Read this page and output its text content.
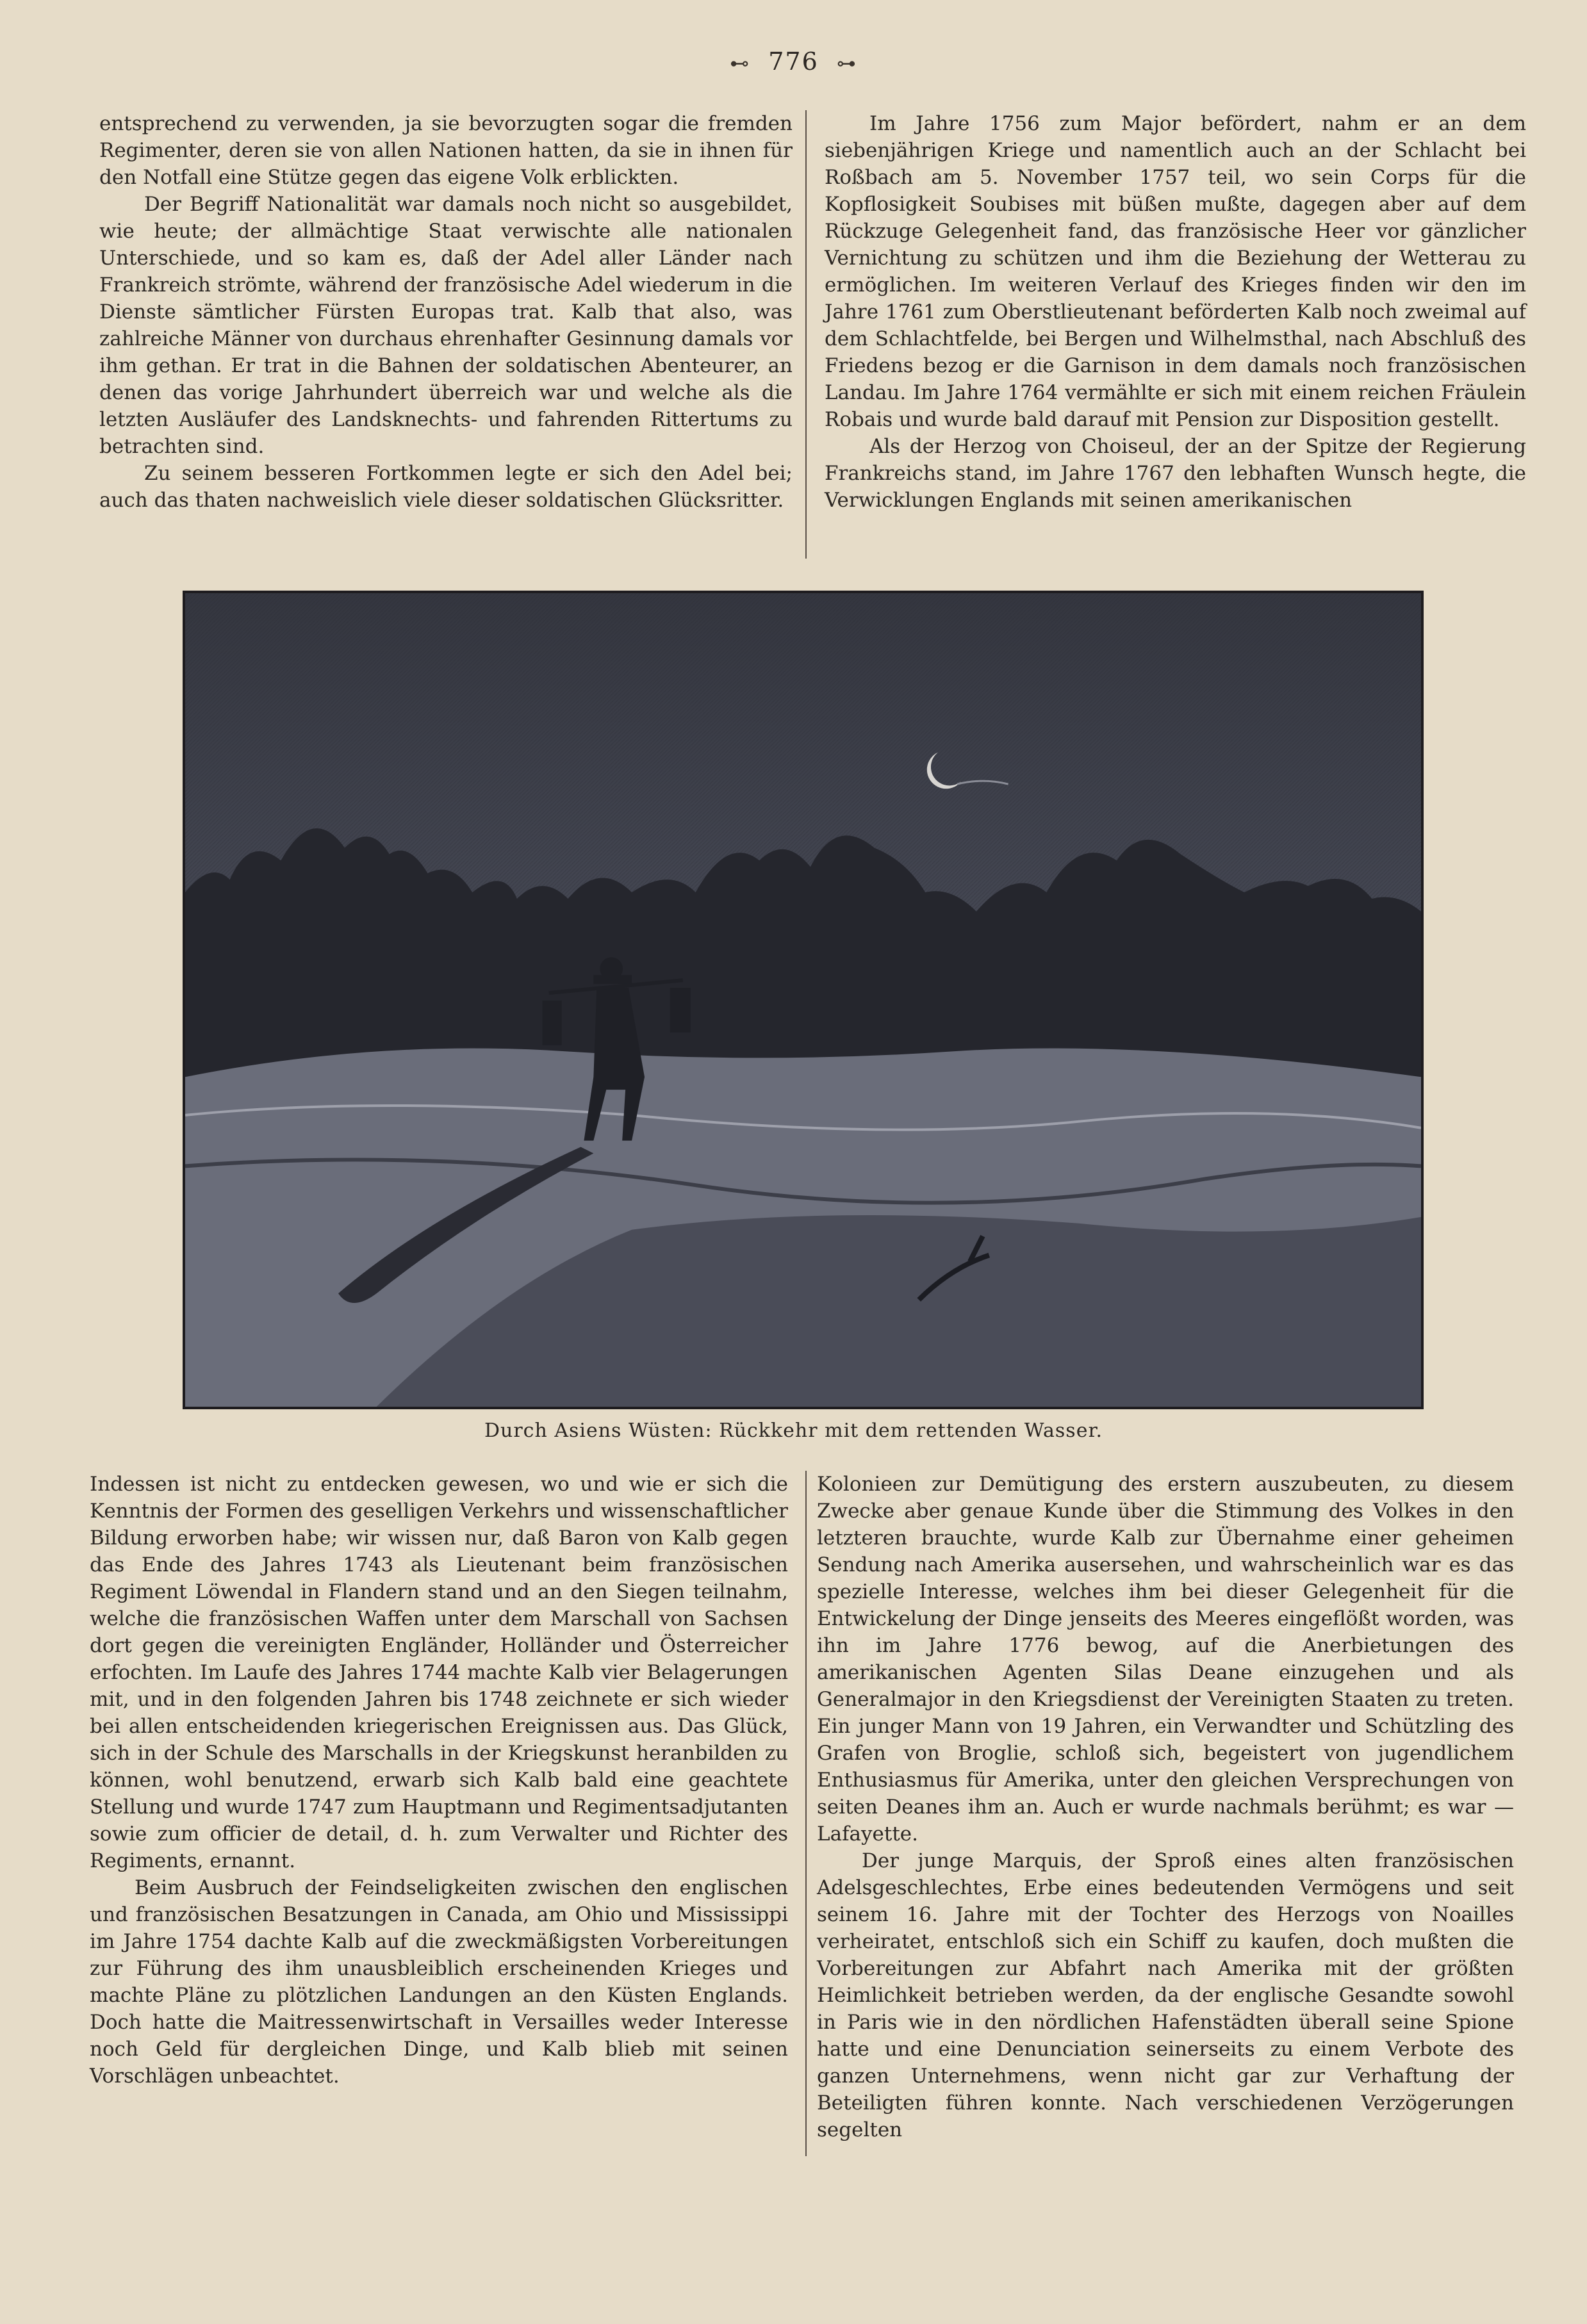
⊷ 776 ⊶

entsprechend zu verwenden, ja sie bevorzugten sogar die fremden Regimenter, deren sie von allen Nationen hatten, da sie in ihnen für den Notfall eine Stütze gegen das eigene Volk erblickten.

Der Begriff Nationalität war damals noch nicht so ausgebildet, wie heute; der allmächtige Staat verwischte alle nationalen Unterschiede, und so kam es, daß der Adel aller Länder nach Frankreich strömte, während der französische Adel wiederum in die Dienste sämtlicher Fürsten Europas trat. Kalb that also, was zahlreiche Männer von durchaus ehrenhafter Gesinnung damals vor ihm gethan. Er trat in die Bahnen der soldatischen Abenteurer, an denen das vorige Jahrhundert überreich war und welche als die letzten Ausläufer des Landsknechts- und fahrenden Rittertums zu betrachten sind.

Zu seinem besseren Fortkommen legte er sich den Adel bei; auch das thaten nachweislich viele dieser soldatischen Glücksritter.

Im Jahre 1756 zum Major befördert, nahm er an dem siebenjährigen Kriege und namentlich auch an der Schlacht bei Roßbach am 5. November 1757 teil, wo sein Corps für die Kopflosigkeit Soubises mit büßen mußte, dagegen aber auf dem Rückzuge Gelegenheit fand, das französische Heer vor gänzlicher Vernichtung zu schützen und ihm die Beziehung der Wetterau zu ermöglichen. Im weiteren Verlauf des Krieges finden wir den im Jahre 1761 zum Oberstlieutenant beförderten Kalb noch zweimal auf dem Schlachtfelde, bei Bergen und Wilhelmsthal, nach Abschluß des Friedens bezog er die Garnison in dem damals noch französischen Landau. Im Jahre 1764 vermählte er sich mit einem reichen Fräulein Robais und wurde bald darauf mit Pension zur Disposition gestellt.

Als der Herzog von Choiseul, der an der Spitze der Regierung Frankreichs stand, im Jahre 1767 den lebhaften Wunsch hegte, die Verwicklungen Englands mit seinen amerikanischen

Durch Asiens Wüsten: Rückkehr mit dem rettenden Wasser.

Indessen ist nicht zu entdecken gewesen, wo und wie er sich die Kenntnis der Formen des geselligen Verkehrs und wissenschaftlicher Bildung erworben habe; wir wissen nur, daß Baron von Kalb gegen das Ende des Jahres 1743 als Lieutenant beim französischen Regiment Löwendal in Flandern stand und an den Siegen teilnahm, welche die französischen Waffen unter dem Marschall von Sachsen dort gegen die vereinigten Engländer, Holländer und Österreicher erfochten. Im Laufe des Jahres 1744 machte Kalb vier Belagerungen mit, und in den folgenden Jahren bis 1748 zeichnete er sich wieder bei allen entscheidenden kriegerischen Ereignissen aus. Das Glück, sich in der Schule des Marschalls in der Kriegskunst heranbilden zu können, wohl benutzend, erwarb sich Kalb bald eine geachtete Stellung und wurde 1747 zum Hauptmann und Regimentsadjutanten sowie zum officier de detail, d. h. zum Verwalter und Richter des Regiments, ernannt.

Beim Ausbruch der Feindseligkeiten zwischen den englischen und französischen Besatzungen in Canada, am Ohio und Mississippi im Jahre 1754 dachte Kalb auf die zweckmäßigsten Vorbereitungen zur Führung des ihm unausbleiblich erscheinenden Krieges und machte Pläne zu plötzlichen Landungen an den Küsten Englands. Doch hatte die Maitressenwirtschaft in Versailles weder Interesse noch Geld für dergleichen Dinge, und Kalb blieb mit seinen Vorschlägen unbeachtet.

Kolonieen zur Demütigung des erstern auszubeuten, zu diesem Zwecke aber genaue Kunde über die Stimmung des Volkes in den letzteren brauchte, wurde Kalb zur Übernahme einer geheimen Sendung nach Amerika ausersehen, und wahrscheinlich war es das spezielle Interesse, welches ihm bei dieser Gelegenheit für die Entwickelung der Dinge jenseits des Meeres eingeflößt worden, was ihn im Jahre 1776 bewog, auf die Anerbietungen des amerikanischen Agenten Silas Deane einzugehen und als Generalmajor in den Kriegsdienst der Vereinigten Staaten zu treten. Ein junger Mann von 19 Jahren, ein Verwandter und Schützling des Grafen von Broglie, schloß sich, begeistert von jugendlichem Enthusiasmus für Amerika, unter den gleichen Versprechungen von seiten Deanes ihm an. Auch er wurde nachmals berühmt; es war — Lafayette.

Der junge Marquis, der Sproß eines alten französischen Adelsgeschlechtes, Erbe eines bedeutenden Vermögens und seit seinem 16. Jahre mit der Tochter des Herzogs von Noailles verheiratet, entschloß sich ein Schiff zu kaufen, doch mußten die Vorbereitungen zur Abfahrt nach Amerika mit der größten Heimlichkeit betrieben werden, da der englische Gesandte sowohl in Paris wie in den nördlichen Hafenstädten überall seine Spione hatte und eine Denunciation seinerseits zu einem Verbote des ganzen Unternehmens, wenn nicht gar zur Verhaftung der Beteiligten führen konnte. Nach verschiedenen Verzögerungen segelten
